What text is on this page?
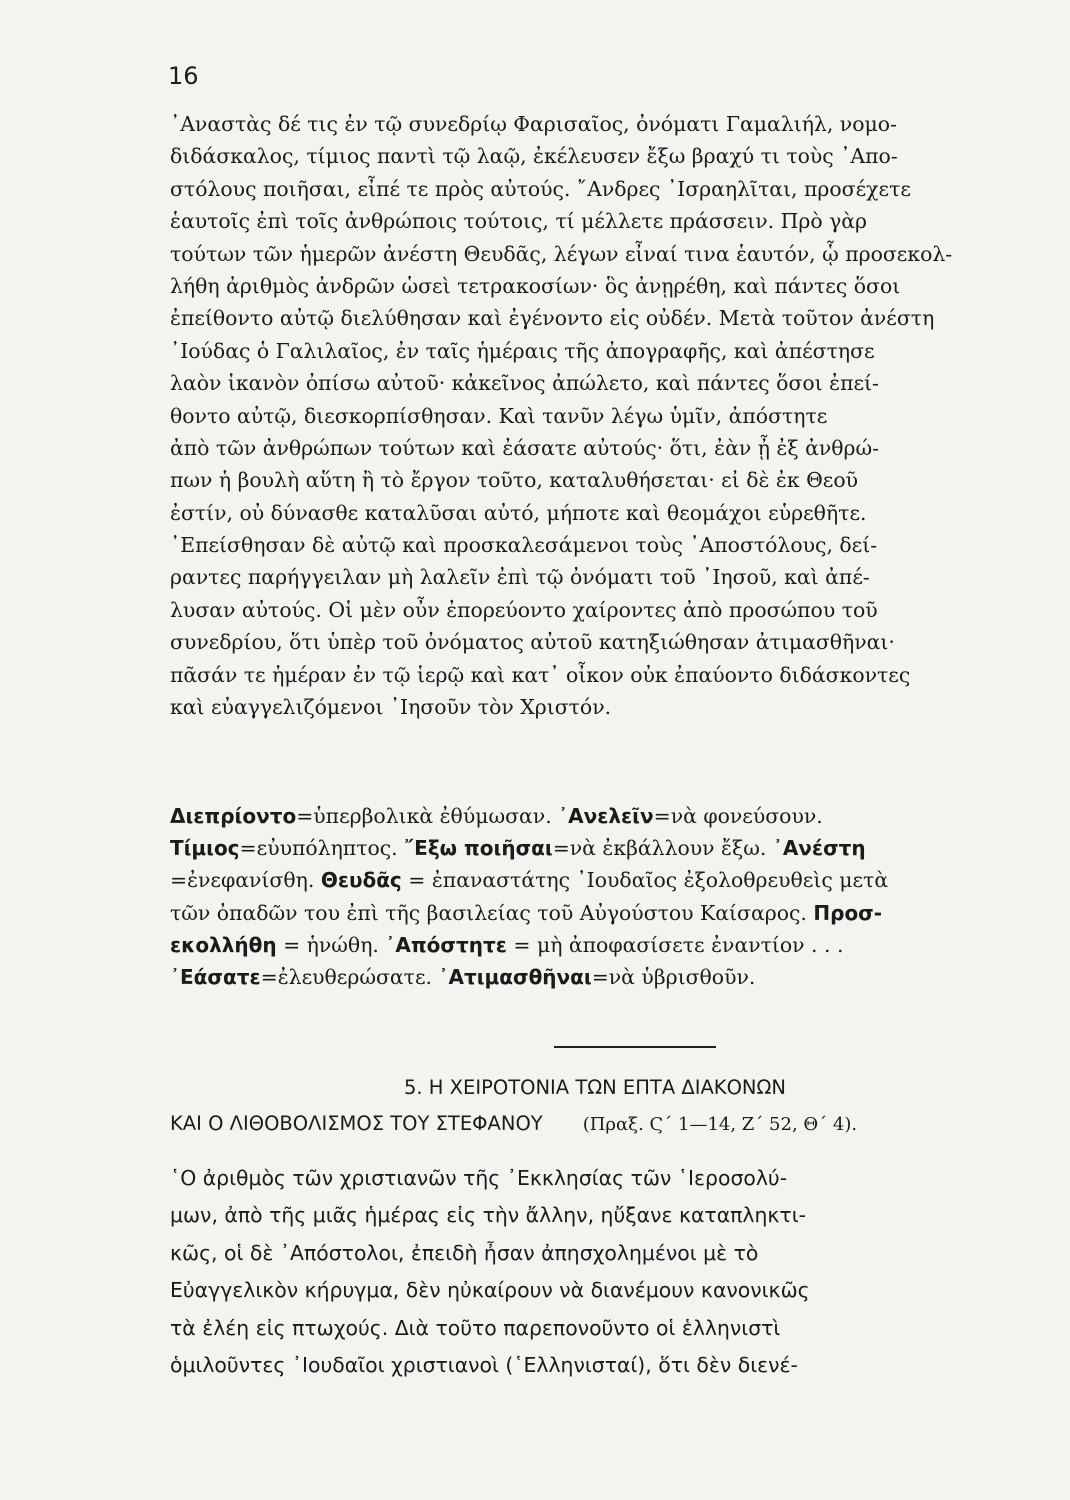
16
᾿Αναστὰς δέ τις ἐν τῷ συνεδρίῳ Φαρισαῖος, ὀνόματι Γαμαλιήλ, νομο-
διδάσκαλος, τίμιος παντὶ τῷ λαῷ, ἐκέλευσεν ἔξω βραχύ τι τοὺς ᾿Απο-
στόλους ποιῆσαι, εἶπέ τε πρὸς αὐτούς. ῎Ανδρες ᾿Ισραηλῖται, προσέχετε
ἑαυτοῖς ἐπὶ τοῖς ἀνθρώποις τούτοις, τί μέλλετε πράσσειν. Πρὸ γὰρ
τούτων τῶν ἡμερῶν ἀνέστη Θευδᾶς, λέγων εἶναί τινα ἑαυτόν, ᾧ προσεκολ-
λήθη ἀριθμὸς ἀνδρῶν ὡσεὶ τετρακοσίων· ὃς ἀνῃρέθη, καὶ πάντες ὅσοι
ἐπείθοντο αὐτῷ διελύθησαν καὶ ἐγένοντο εἰς οὐδέν. Μετὰ τοῦτον ἀνέστη
᾿Ιούδας ὁ Γαλιλαῖος, ἐν ταῖς ἡμέραις τῆς ἀπογραφῆς, καὶ ἀπέστησε
λαὸν ἱκανὸν ὀπίσω αὐτοῦ· κἀκεῖνος ἀπώλετο, καὶ πάντες ὅσοι ἐπεί-
θοντο αὐτῷ, διεσκορπίσθησαν. Καὶ τανῦν λέγω ὑμῖν, ἀπόστητε
ἀπὸ τῶν ἀνθρώπων τούτων καὶ ἐάσατε αὐτούς· ὅτι, ἐὰν ᾖ ἐξ ἀνθρώ-
πων ἡ βουλὴ αὕτη ἢ τὸ ἔργον τοῦτο, καταλυθήσεται· εἰ δὲ ἐκ Θεοῦ
ἐστίν, οὐ δύνασθε καταλῦσαι αὐτό, μήποτε καὶ θεομάχοι εὑρεθῆτε.
᾿Επείσθησαν δὲ αὐτῷ καὶ προσκαλεσάμενοι τοὺς ᾿Αποστόλους, δεί-
ραντες παρήγγειλαν μὴ λαλεῖν ἐπὶ τῷ ὀνόματι τοῦ ᾿Ιησοῦ, καὶ ἀπέ-
λυσαν αὐτούς. Οἱ μὲν οὖν ἐπορεύοντο χαίροντες ἀπὸ προσώπου τοῦ
συνεδρίου, ὅτι ὑπὲρ τοῦ ὀνόματος αὐτοῦ κατηξιώθησαν ἀτιμασθῆναι·
πᾶσάν τε ἡμέραν ἐν τῷ ἱερῷ καὶ κατ᾿ οἶκον οὐκ ἐπαύοντο διδάσκοντες
καὶ εὐαγγελιζόμενοι ᾿Ιησοῦν τὸν Χριστόν.
Διεπρίοντο=ὑπερβολικὰ ἐθύμωσαν. ᾿Ανελεῖν=νὰ φονεύσουν.
Τίμιος=εὐυπόληπτος. ῎Εξω ποιῆσαι=νὰ ἐκβάλλουν ἔξω. ᾿Ανέστη
=ἐνεφανίσθη. Θευδᾶς = ἐπαναστάτης ᾿Ιουδαῖος ἐξολοθρευθεὶς μετὰ
τῶν ὀπαδῶν του ἐπὶ τῆς βασιλείας τοῦ Αὐγούστου Καίσαρος. Προσ-
εκολλήθη = ἡνώθη. ᾿Απόστητε = μὴ ἀποφασίσετε ἐναντίον . . .
᾿Εάσατε=ἐλευθερώσατε. ᾿Ατιμασθῆναι=νὰ ὑβρισθοῦν.
5. Η ΧΕΙΡΟΤΟΝΙΑ ΤΩΝ ΕΠΤΑ ΔΙΑΚΟΝΩΝ
ΚΑΙ Ο ΛΙΘΟΒΟΛΙΣΜΟΣ ΤΟΥ ΣΤΕΦΑΝΟΥ (Πραξ. Ϛ΄ 1—14, Ζ΄ 52, Θ΄ 4).
῾Ο ἀριθμὸς τῶν χριστιανῶν τῆς ᾿Εκκλησίας τῶν ῾Ιεροσολύ-
μων, ἀπὸ τῆς μιᾶς ἡμέρας εἰς τὴν ἄλλην, ηὔξανε καταπληκτι-
κῶς, οἱ δὲ ᾿Απόστολοι, ἐπειδὴ ἦσαν ἀπησχολημένοι μὲ τὸ
Εὐαγγελικὸν κήρυγμα, δὲν ηὐκαίρουν νὰ διανέμουν κανονικῶς
τὰ ἐλέη εἰς πτωχούς. Διὰ τοῦτο παρεπονοῦντο οἱ ἑλληνιστὶ
ὁμιλοῦντες ᾿Ιουδαῖοι χριστιανοὶ (῾Ελληνισταί), ὅτι δὲν διενέ-
